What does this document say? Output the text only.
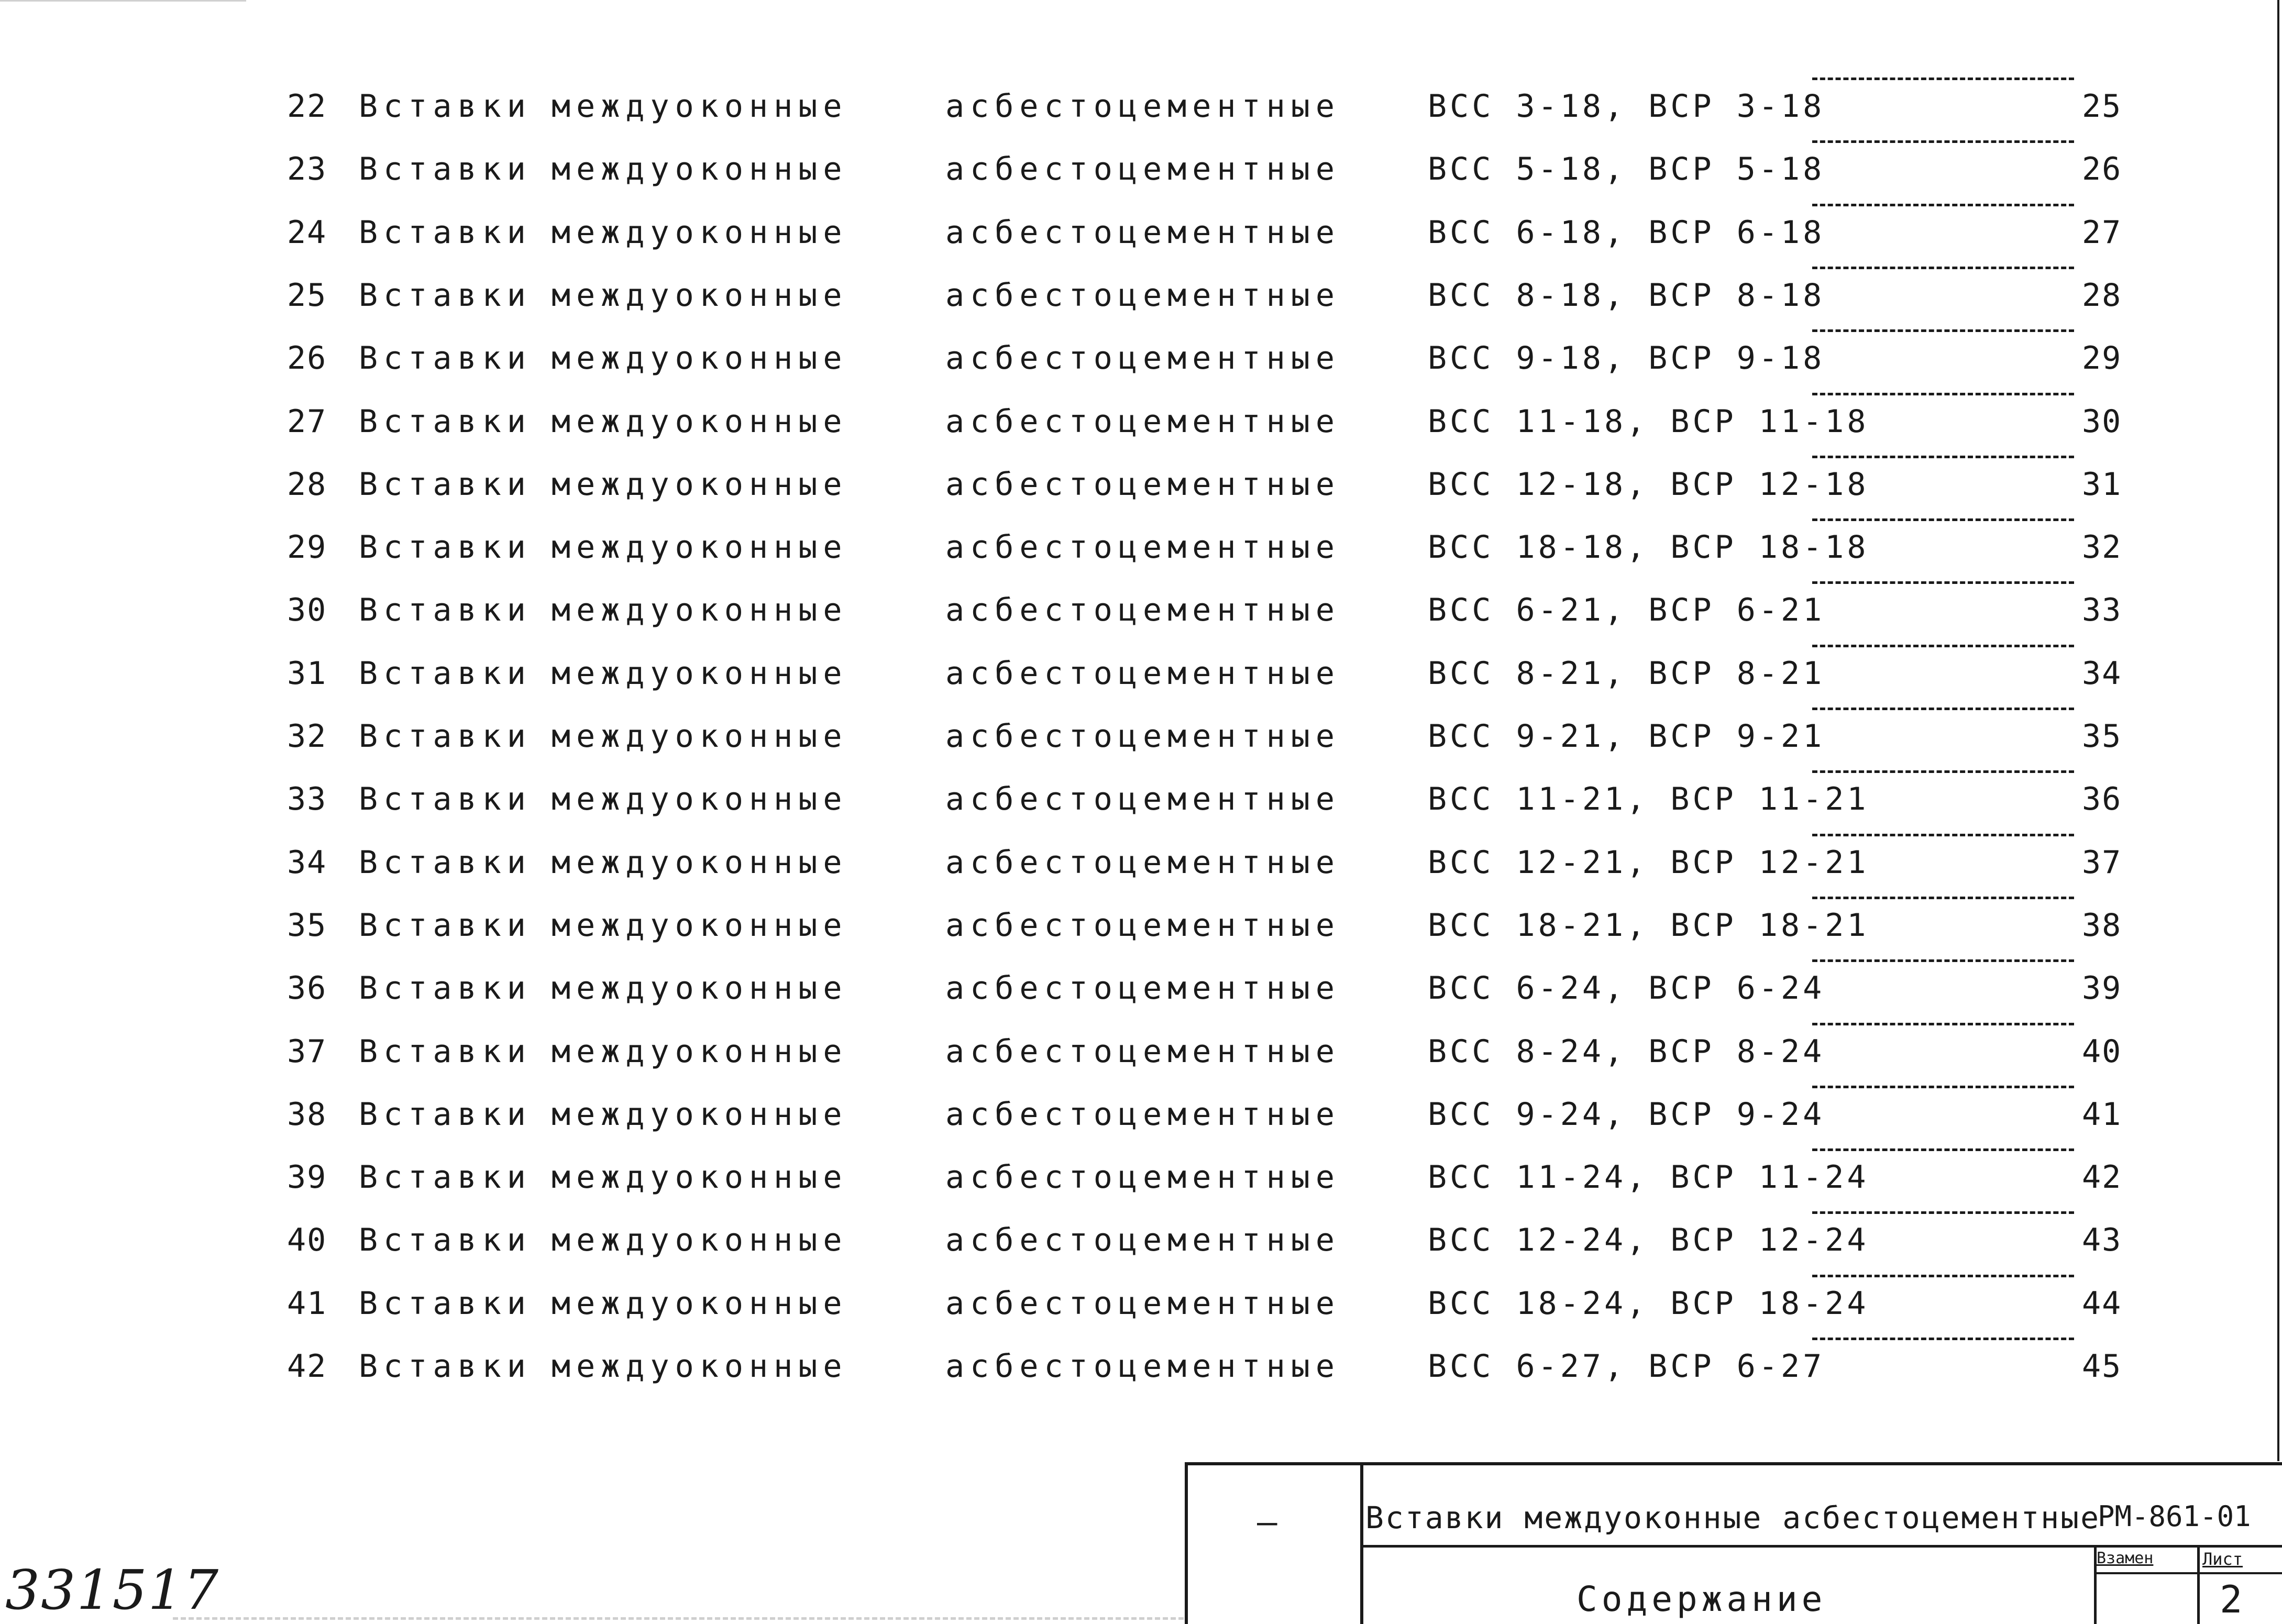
22 Вставки междуоконные	асбестоцементные	ВСС 3-18, ВСР 3-18	25
23 Вставки междуоконные	асбестоцементные	ВСС 5-18, ВСР 5-18	26
24 Вставки междуоконные	асбестоцементные	ВСС 6-18, ВСР 6-18	27
25 Вставки междуоконные	асбестоцементные	ВСС 8-18, ВСР 8-18	28
26 Вставки междуоконные	асбестоцементные	ВСС 9-18, ВСР 9-18	29
27 Вставки междуоконные	асбестоцементные	ВСС 11-18, ВСР 11-18	30
28 Вставки междуоконные	асбестоцементные	ВСС 12-18, ВСР 12-18	31
29 Вставки междуоконные	асбестоцементные	ВСС 18-18, ВСР 18-18	32
30 Вставки междуоконные	асбестоцементные	ВСС 6-21, ВСР 6-21	33
31 Вставки междуоконные	асбестоцементные	ВСС 8-21, ВСР 8-21	34
32 Вставки междуоконные	асбестоцементные	ВСС 9-21, ВСР 9-21	35
33 Вставки междуоконные	асбестоцементные	ВСС 11-21, ВСР 11-21	36
34 Вставки междуоконные	асбестоцементные	ВСС 12-21, ВСР 12-21	37
35 Вставки междуоконные	асбестоцементные	ВСС 18-21, ВСР 18-21	38
36 Вставки междуоконные	асбестоцементные	ВСС 6-24, ВСР 6-24	39
37 Вставки междуоконные	асбестоцементные	ВСС 8-24, ВСР 8-24	40
38 Вставки междуоконные	асбестоцементные	ВСС 9-24, ВСР 9-24	41
39 Вставки междуоконные	асбестоцементные	ВСС 11-24, ВСР 11-24	42
40 Вставки междуоконные	асбестоцементные	ВСС 12-24, ВСР 12-24	43
41 Вставки междуоконные	асбестоцементные	ВСС 18-24, ВСР 18-24	44
42 Вставки междуоконные	асбестоцементные	ВСС 6-27, ВСР 6-27	45
—	Вставки междуоконные асбестоцементные
РМ-861-01
Содержание
Взамен	Лист
2
331517
